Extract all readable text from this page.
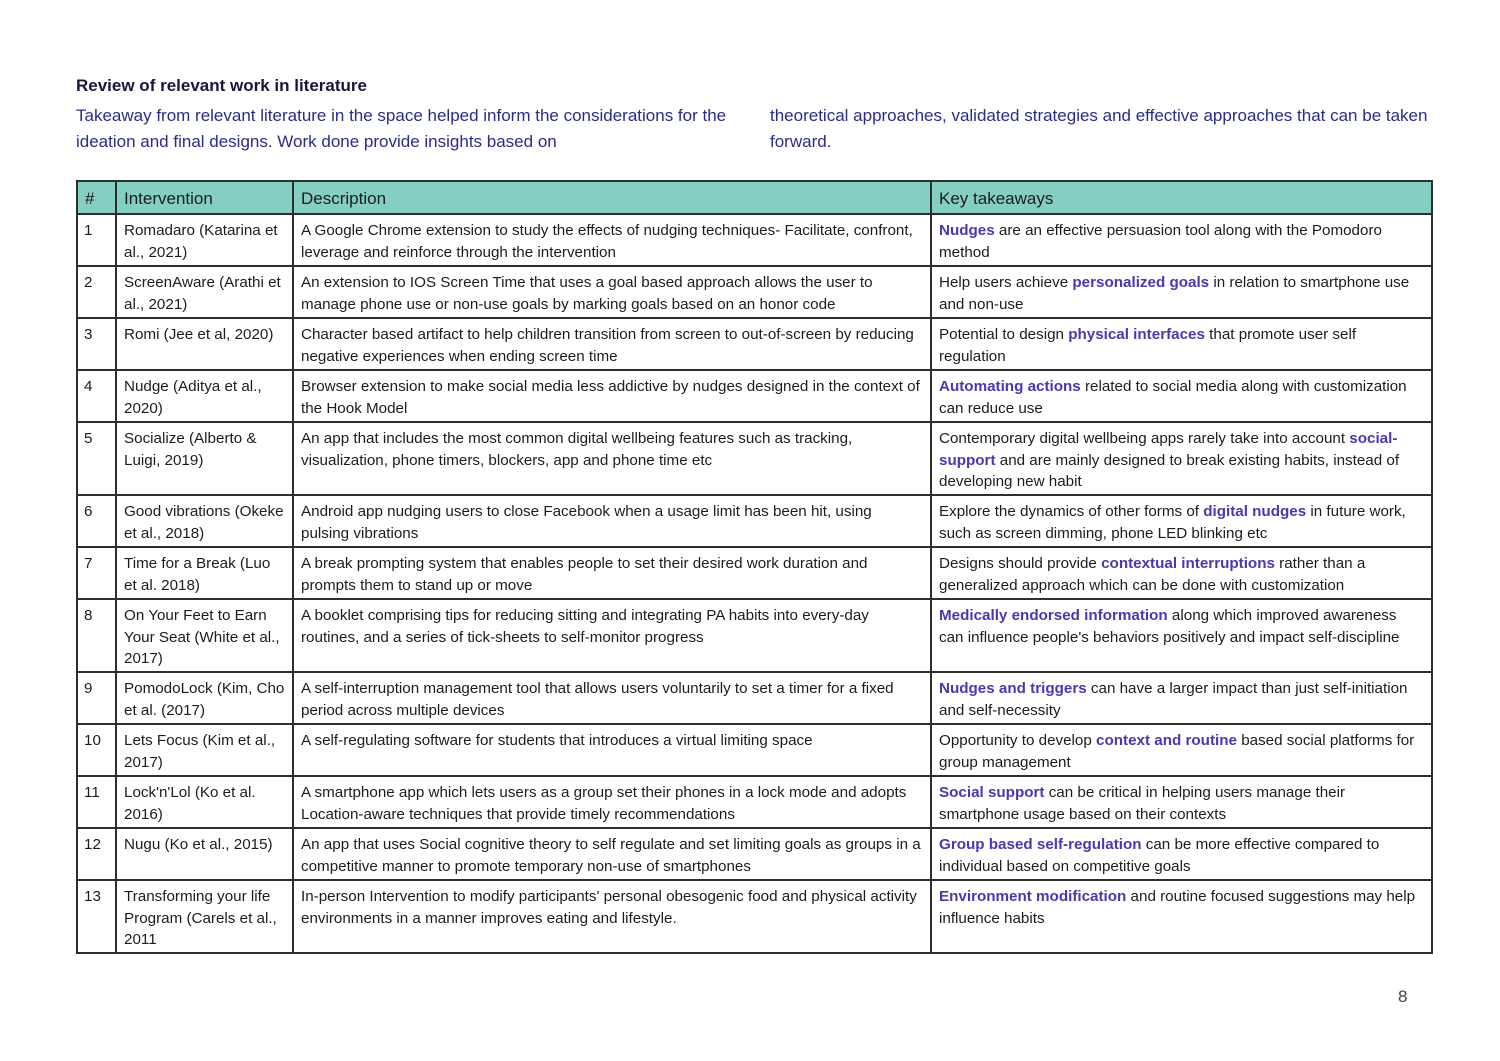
Review of relevant work in literature
Takeaway from relevant literature in the space helped inform the considerations for the ideation and final designs. Work done provide insights based on
theoretical approaches, validated strategies and effective approaches that can be taken forward.
#	Intervention	Description	Key takeaways
1	Romadaro (Katarina et al., 2021)	A Google Chrome extension to study the effects of nudging techniques- Facilitate, confront, leverage and reinforce through the intervention	Nudges are an effective persuasion tool along with the Pomodoro method
2	ScreenAware (Arathi et al., 2021)	An extension to IOS Screen Time that uses a goal based approach allows the user to manage phone use or non-use goals by marking goals based on an honor code	Help users achieve personalized goals in relation to smartphone use and non-use
3	Romi (Jee et al, 2020)	Character based artifact to help children transition from screen to out-of-screen by reducing negative experiences when ending screen time	Potential to design physical interfaces that promote user self regulation
4	Nudge (Aditya et al., 2020)	Browser extension to make social media less addictive by nudges designed in the context of the Hook Model	Automating actions related to social media along with customization can reduce use
5	Socialize (Alberto & Luigi, 2019)	An app that includes the most common digital wellbeing features such as tracking, visualization, phone timers, blockers, app and phone time etc	Contemporary digital wellbeing apps rarely take into account social-support and are mainly designed to break existing habits, instead of developing new habit
6	Good vibrations (Okeke et al., 2018)	Android app nudging users to close Facebook when a usage limit has been hit, using pulsing vibrations	Explore the dynamics of other forms of digital nudges in future work, such as screen dimming, phone LED blinking etc
7	Time for a Break (Luo et al. 2018)	A break prompting system that enables people to set their desired work duration and prompts them to stand up or move	Designs should provide contextual interruptions rather than a generalized approach which can be done with customization
8	On Your Feet to Earn Your Seat (White et al., 2017)	A booklet comprising tips for reducing sitting and integrating PA habits into every-day routines, and a series of tick-sheets to self-monitor progress	Medically endorsed information along which improved awareness can influence people's behaviors positively and impact self-discipline
9	PomodoLock (Kim, Cho et al. (2017)	A self-interruption management tool that allows users voluntarily to set a timer for a fixed period across multiple devices	Nudges and triggers can have a larger impact than just self-initiation and self-necessity
10	Lets Focus (Kim et al., 2017)	A self-regulating software for students that introduces a virtual limiting space	Opportunity to develop context and routine based social platforms for group management
11	Lock'n'Lol (Ko et al. 2016)	A smartphone app which lets users as a group set their phones in a lock mode and adopts Location-aware techniques that provide timely recommendations	Social support can be critical in helping users manage their smartphone usage based on their contexts
12	Nugu (Ko et al., 2015)	An app that uses Social cognitive theory to self regulate and set limiting goals as groups in a competitive manner to promote temporary non-use of smartphones	Group based self-regulation can be more effective compared to individual based on competitive goals
13	Transforming your life Program (Carels et al., 2011	In-person Intervention to modify participants' personal obesogenic food and physical activity environments in a manner improves eating and lifestyle.	Environment modification and routine focused suggestions may help influence habits
8
